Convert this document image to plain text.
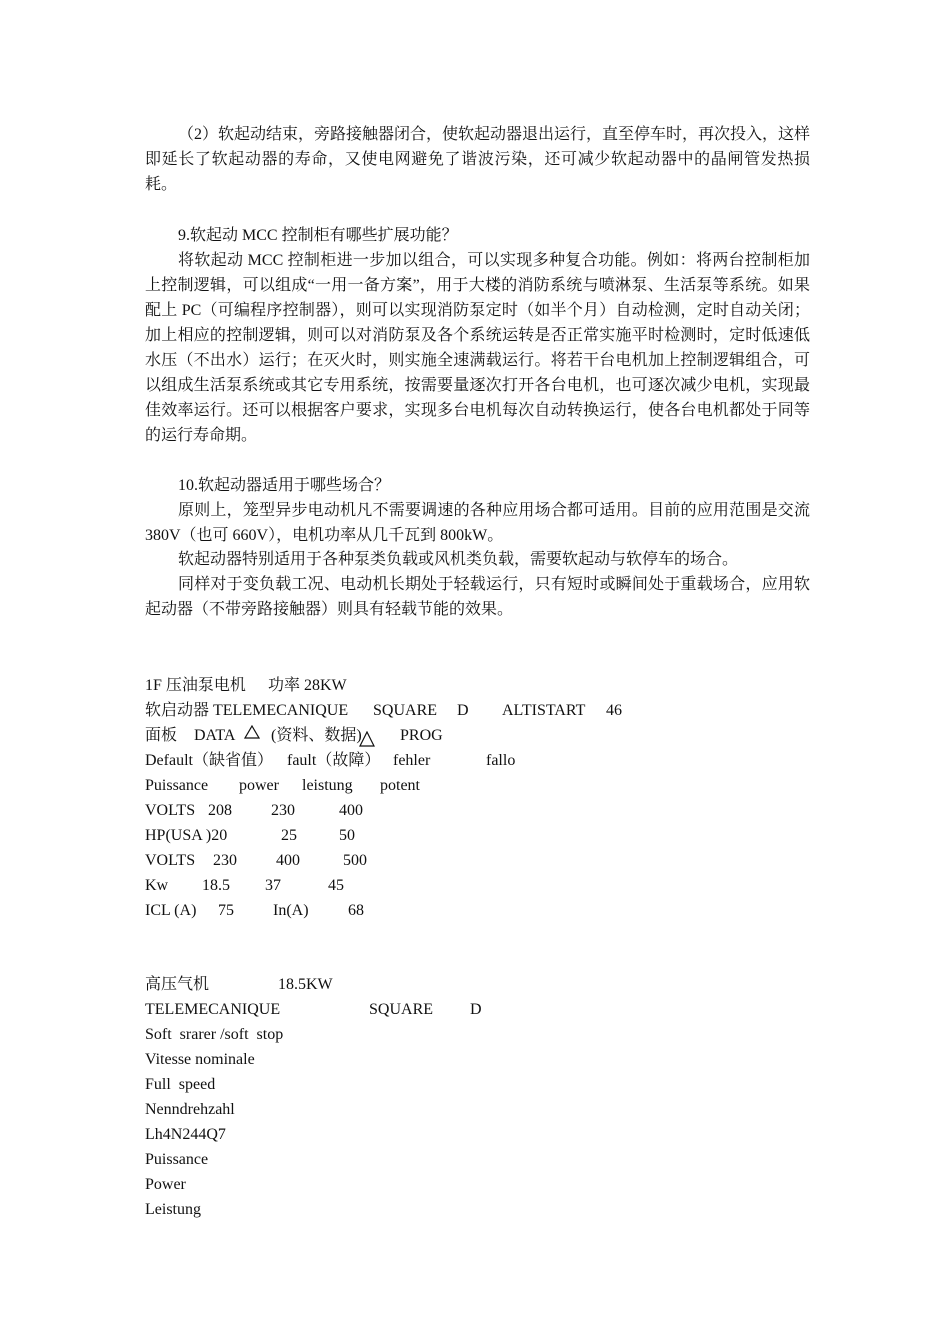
（2）软起动结束，旁路接触器闭合，使软起动器退出运行，直至停车时，再次投入，这样即延长了软起动器的寿命，又使电网避免了谐波污染，还可减少软起动器中的晶闸管发热损耗。

9.软起动 MCC 控制柜有哪些扩展功能？

将软起动 MCC 控制柜进一步加以组合，可以实现多种复合功能。例如：将两台控制柜加上控制逻辑，可以组成“一用一备方案”，用于大楼的消防系统与喷淋泵、生活泵等系统。如果配上 PC（可编程序控制器），则可以实现消防泵定时（如半个月）自动检测，定时自动关闭；加上相应的控制逻辑，则可以对消防泵及各个系统运转是否正常实施平时检测时，定时低速低水压（不出水）运行；在灭火时，则实施全速满载运行。将若干台电机加上控制逻辑组合，可以组成生活泵系统或其它专用系统，按需要量逐次打开各台电机，也可逐次减少电机，实现最佳效率运行。还可以根据客户要求，实现多台电机每次自动转换运行，使各台电机都处于同等的运行寿命期。

10.软起动器适用于哪些场合？

原则上，笼型异步电动机凡不需要调速的各种应用场合都可适用。目前的应用范围是交流 380V（也可 660V），电机功率从几千瓦到 800kW。

软起动器特别适用于各种泵类负载或风机类负载，需要软起动与软停车的场合。

同样对于变负载工况、电动机长期处于轻载运行，只有短时或瞬间处于重载场合，应用软起动器（不带旁路接触器）则具有轻载节能的效果。

1F 压油泵电机 功率 28KW
软启动器 TELEMECANIQUE SQUARE D ALTISTART 46
面板 DATA (资料、数据) PROG
Default（缺省值） fault（故障） fehler	fallo
Puissance power leistung potent
VOLTS 208 230	400
HP(USA )20	25	50
VOLTS 230 400	500
Kw 18.5 37	45
ICL (A) 75 In(A) 68
高压气机	18.5KW
TELEMECANIQUE	SQUARE D
Soft  srarer /soft  stop
Vitesse nominale
Full  speed
Nenndrehzahl
Lh4N244Q7
Puissance
Power
Leistung
